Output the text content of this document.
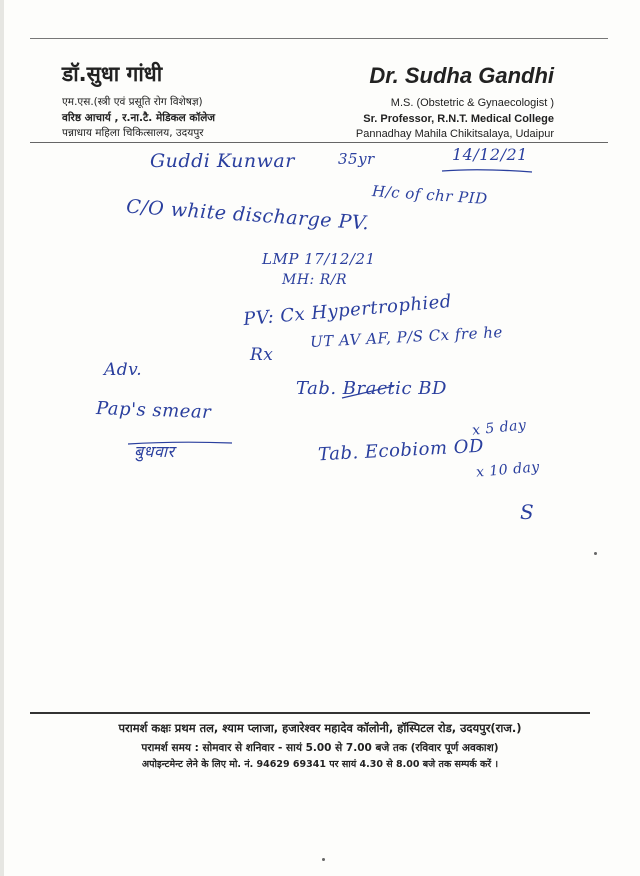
डॉ.सुधा गांधी
एम.एस.(स्त्री एवं प्रसूति रोग विशेषज्ञ)
वरिष्ठ आचार्य , र.ना.टै. मेडिकल कॉलेज
पन्नाधाय महिला चिकित्सालय, उदयपुर
Dr. Sudha Gandhi
M.S. (Obstetric & Gynaecologist )
Sr. Professor, R.N.T. Medical College
Pannadhay Mahila Chikitsalaya, Udaipur
Guddi Kunwar	35yr	14/12/21
H/c of chr PID
C/O white discharge PV.
LMP 17/12/21
MH: R/R
PV: Cx Hypertrophied
UT AV AF, P/S Cx fre he
Adv.
Rx
Pap's smear
बुधवार
Tab. Bractic BD
x 5 day
Tab. Ecobiom OD
x 10 day
S
परामर्श कक्षः प्रथम तल, श्याम प्लाजा, हजारेश्वर महादेव कॉलोनी, हॉस्पिटल रोड, उदयपुर(राज.)
परामर्श समय : सोमवार से शनिवार - सायं 5.00 से 7.00 बजे तक (रविवार पूर्ण अवकाश)
अपोइन्टमेन्ट लेने के लिए मो. नं. 94629 69341 पर सायं 4.30 से 8.00 बजे तक सम्पर्क करें ।
